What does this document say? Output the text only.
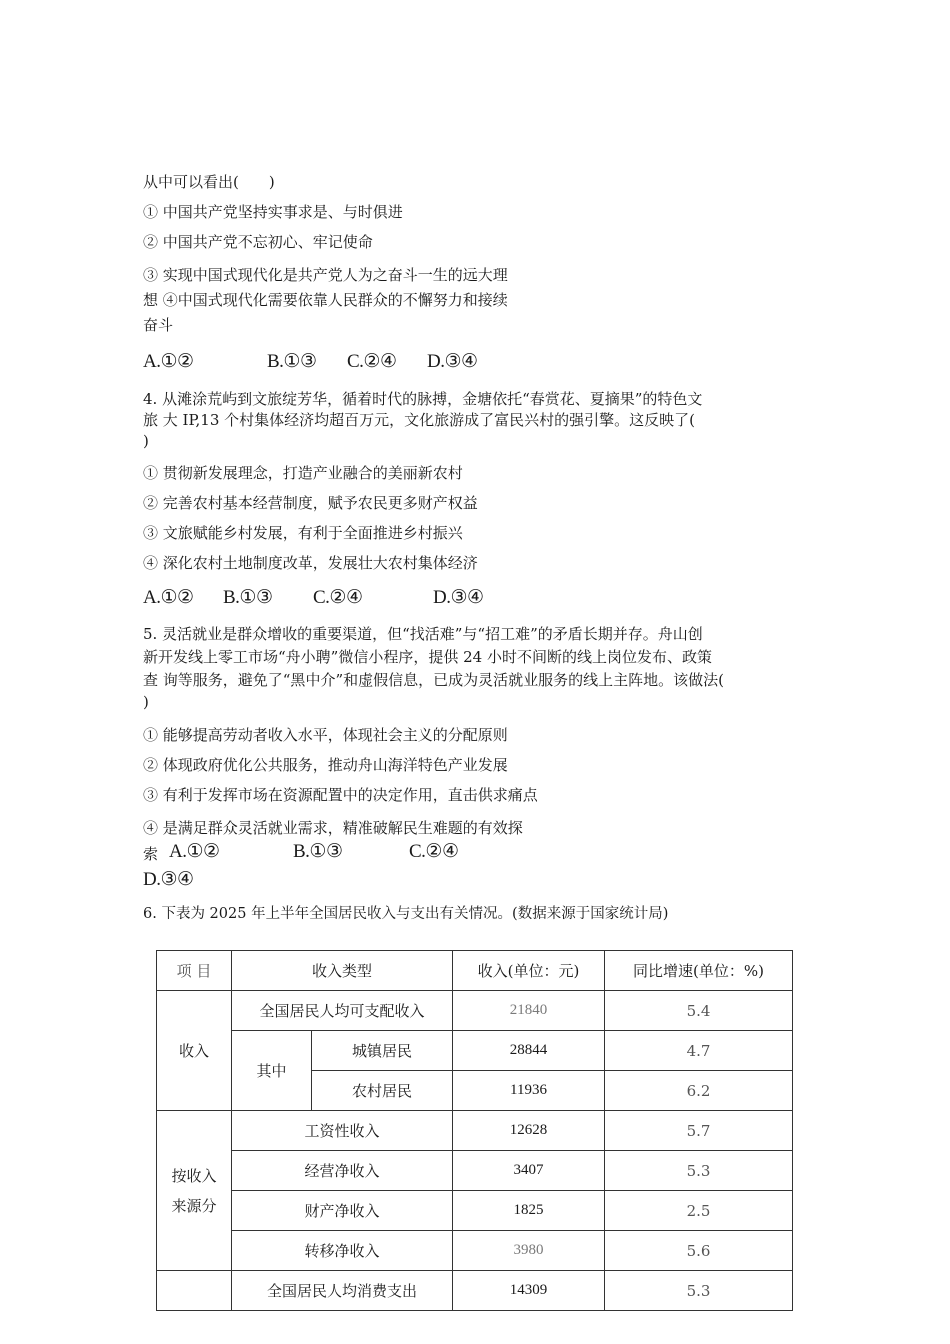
从中可以看出(　　)
① 中国共产党坚持实事求是、与时俱进
② 中国共产党不忘初心、牢记使命
③ 实现中国式现代化是共产党人为之奋斗一生的远大理
想 ④中国式现代化需要依靠人民群众的不懈努力和接续
奋斗
A.①②	B.①③ C.②④ D.③④
4. 从滩涂荒屿到文旅绽芳华，循着时代的脉搏，金塘依托“春赏花、夏摘果”的特色文
旅 大 IP,13 个村集体经济均超百万元，文化旅游成了富民兴村的强引擎。这反映了(
)
① 贯彻新发展理念，打造产业融合的美丽新农村
② 完善农村基本经营制度，赋予农民更多财产权益
③ 文旅赋能乡村发展，有利于全面推进乡村振兴
④ 深化农村土地制度改革，发展壮大农村集体经济
A.①② B.①③ C.②④	D.③④
5. 灵活就业是群众增收的重要渠道，但“找活难”与“招工难”的矛盾长期并存。舟山创
新开发线上零工市场“舟小聘”微信小程序，提供 24 小时不间断的线上岗位发布、政策
查 询等服务，避免了“黑中介”和虚假信息，已成为灵活就业服务的线上主阵地。该做法(
)
① 能够提高劳动者收入水平，体现社会主义的分配原则
② 体现政府优化公共服务，推动舟山海洋特色产业发展
③ 有利于发挥市场在资源配置中的决定作用，直击供求痛点
④ 是满足群众灵活就业需求，精准破解民生难题的有效探
索 A.①②	B.①③	C.②④
D.③④
6. 下表为 2025 年上半年全国居民收入与支出有关情况。(数据来源于国家统计局)
项 目	收入类型		收入(单位：元)	同比增速(单位：%)
收入	全国居民人均可支配收入		21840	5.4
	其中	城镇居民	28844	4.7
		农村居民	11936	6.2
按收入
来源分	工资性收入		12628	5.7
	经营净收入		3407	5.3
	财产净收入		1825	2.5
	转移净收入		3980	5.6
	全国居民人均消费支出		14309	5.3
